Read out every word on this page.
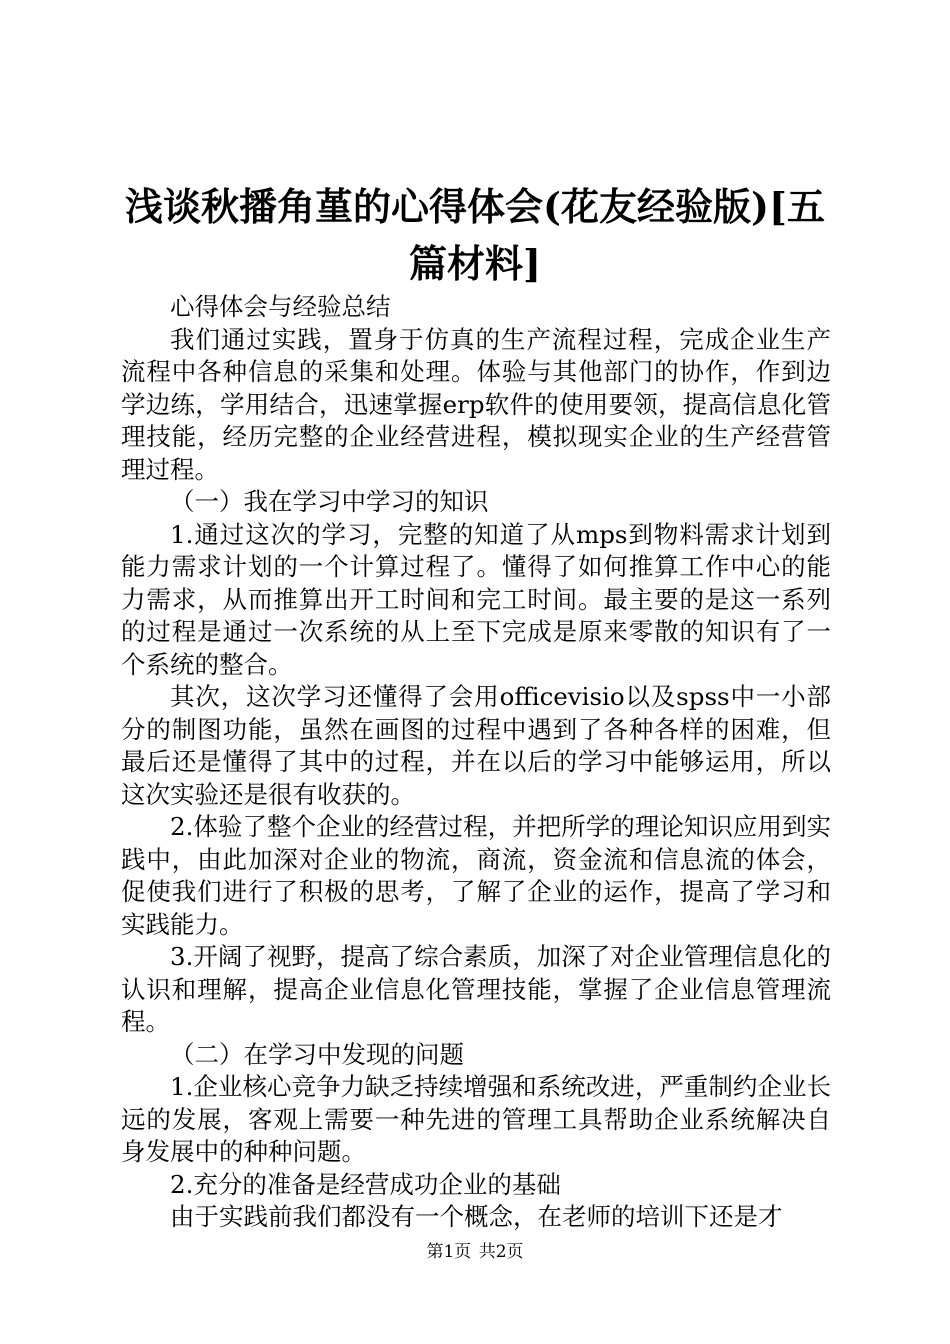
浅谈秋播角堇的心得体会(花友经验版)[五篇材料]

心得体会与经验总结

我们通过实践，置身于仿真的生产流程过程，完成企业生产流程中各种信息的采集和处理。体验与其他部门的协作，作到边学边练，学用结合，迅速掌握erp软件的使用要领，提高信息化管理技能，经历完整的企业经营进程，模拟现实企业的生产经营管理过程。

（一）我在学习中学习的知识

1.通过这次的学习，完整的知道了从mps到物料需求计划到能力需求计划的一个计算过程了。懂得了如何推算工作中心的能力需求，从而推算出开工时间和完工时间。最主要的是这一系列的过程是通过一次系统的从上至下完成是原来零散的知识有了一个系统的整合。

其次，这次学习还懂得了会用officevisio以及spss中一小部分的制图功能，虽然在画图的过程中遇到了各种各样的困难，但最后还是懂得了其中的过程，并在以后的学习中能够运用，所以这次实验还是很有收获的。

2.体验了整个企业的经营过程，并把所学的理论知识应用到实践中，由此加深对企业的物流，商流，资金流和信息流的体会，促使我们进行了积极的思考，了解了企业的运作，提高了学习和实践能力。

3.开阔了视野，提高了综合素质，加深了对企业管理信息化的认识和理解，提高企业信息化管理技能，掌握了企业信息管理流程。

（二）在学习中发现的问题

1.企业核心竞争力缺乏持续增强和系统改进，严重制约企业长远的发展，客观上需要一种先进的管理工具帮助企业系统解决自身发展中的种种问题。

2.充分的准备是经营成功企业的基础

由于实践前我们都没有一个概念，在老师的培训下还是才

第1页 共2页
